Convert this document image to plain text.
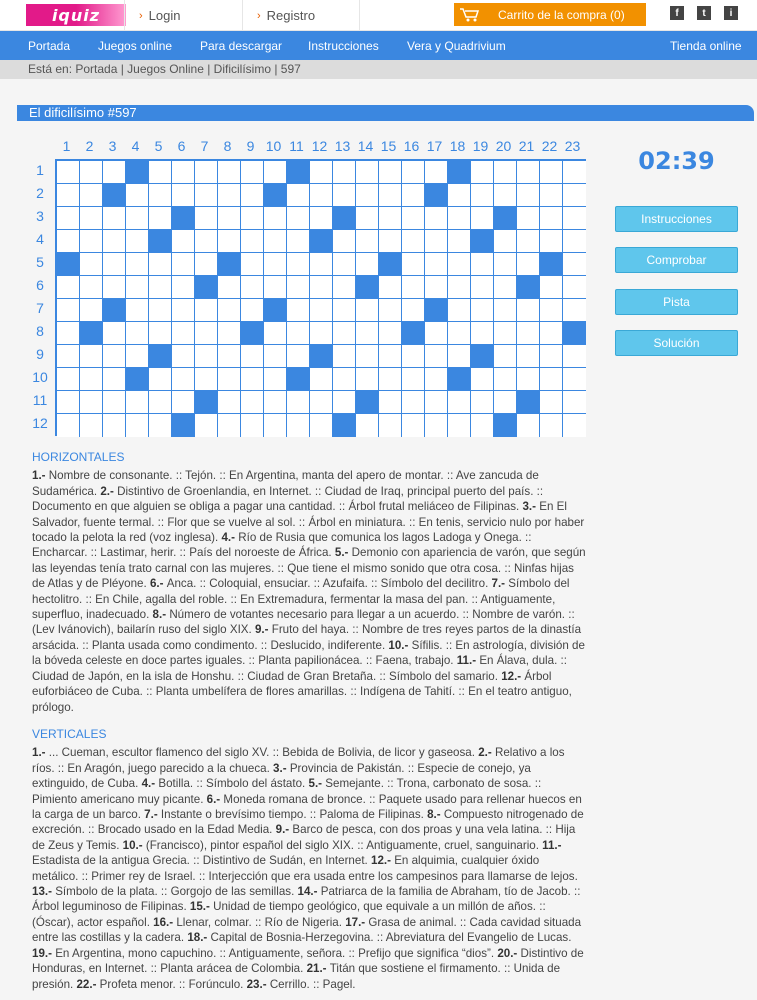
iquiz	› Login	› Registro	Carrito de la compra (0)	f	t	i
Portada Juegos online Para descargar Instrucciones Vera y Quadrivium	Tienda online
Está en: Portada | Juegos Online | Dificilísimo | 597
El dificilísimo #597
1	2	3	4	5	6	7	8	9 10 11 12 13 14 15 16 17 18 19 20 21 22 23
1
2
3
4
5
6
7
8
9
10
11
12
02:39
Instrucciones
Comprobar
Pista
Solución
HORIZONTALES
1.- Nombre de consonante. :: Tejón. :: En Argentina, manta del apero de montar. :: Ave zancuda de Sudamérica. 2.- Distintivo de Groenlandia, en Internet. :: Ciudad de Iraq, principal puerto del país. :: Documento en que alguien se obliga a pagar una cantidad. :: Árbol frutal meliáceo de Filipinas. 3.- En El Salvador, fuente termal. :: Flor que se vuelve al sol. :: Árbol en miniatura. :: En tenis, servicio nulo por haber tocado la pelota la red (voz inglesa). 4.- Río de Rusia que comunica los lagos Ladoga y Onega. :: Encharcar. :: Lastimar, herir. :: País del noroeste de África. 5.- Demonio con apariencia de varón, que según las leyendas tenía trato carnal con las mujeres. :: Que tiene el mismo sonido que otra cosa. :: Ninfas hijas de Atlas y de Pléyone. 6.- Anca. :: Coloquial, ensuciar. :: Azufaifa. :: Símbolo del decilitro. 7.- Símbolo del hectolitro. :: En Chile, agalla del roble. :: En Extremadura, fermentar la masa del pan. :: Antiguamente, superfluo, inadecuado. 8.- Número de votantes necesario para llegar a un acuerdo. :: Nombre de varón. :: (Lev Ivánovich), bailarín ruso del siglo XIX. 9.- Fruto del haya. :: Nombre de tres reyes partos de la dinastía arsácida. :: Planta usada como condimento. :: Deslucido, indiferente. 10.- Sífilis. :: En astrología, división de la bóveda celeste en doce partes iguales. :: Planta papilionácea. :: Faena, trabajo. 11.- En Álava, dula. :: Ciudad de Japón, en la isla de Honshu. :: Ciudad de Gran Bretaña. :: Símbolo del samario. 12.- Árbol euforbiáceo de Cuba. :: Planta umbelífera de flores amarillas. :: Indígena de Tahití. :: En el teatro antiguo, prólogo.
VERTICALES
1.- ... Cueman, escultor flamenco del siglo XV. :: Bebida de Bolivia, de licor y gaseosa. 2.- Relativo a los ríos. :: En Aragón, juego parecido a la chueca. 3.- Provincia de Pakistán. :: Especie de conejo, ya extinguido, de Cuba. 4.- Botilla. :: Símbolo del ástato. 5.- Semejante. :: Trona, carbonato de sosa. :: Pimiento americano muy picante. 6.- Moneda romana de bronce. :: Paquete usado para rellenar huecos en la carga de un barco. 7.- Instante o brevísimo tiempo. :: Paloma de Filipinas. 8.- Compuesto nitrogenado de excreción. :: Brocado usado en la Edad Media. 9.- Barco de pesca, con dos proas y una vela latina. :: Hija de Zeus y Temis. 10.- (Francisco), pintor español del siglo XIX. :: Antiguamente, cruel, sanguinario. 11.- Estadista de la antigua Grecia. :: Distintivo de Sudán, en Internet. 12.- En alquimia, cualquier óxido metálico. :: Primer rey de Israel. :: Interjección que era usada entre los campesinos para llamarse de lejos. 13.- Símbolo de la plata. :: Gorgojo de las semillas. 14.- Patriarca de la familia de Abraham, tío de Jacob. :: Árbol leguminoso de Filipinas. 15.- Unidad de tiempo geológico, que equivale a un millón de años. :: (Óscar), actor español. 16.- Llenar, colmar. :: Río de Nigeria. 17.- Grasa de animal. :: Cada cavidad situada entre las costillas y la cadera. 18.- Capital de Bosnia-Herzegovina. :: Abreviatura del Evangelio de Lucas. 19.- En Argentina, mono capuchino. :: Antiguamente, señora. :: Prefijo que significa “dios”. 20.- Distintivo de Honduras, en Internet. :: Planta arácea de Colombia. 21.- Titán que sostiene el firmamento. :: Unida de presión. 22.- Profeta menor. :: Forúnculo. 23.- Cerrillo. :: Pagel.
